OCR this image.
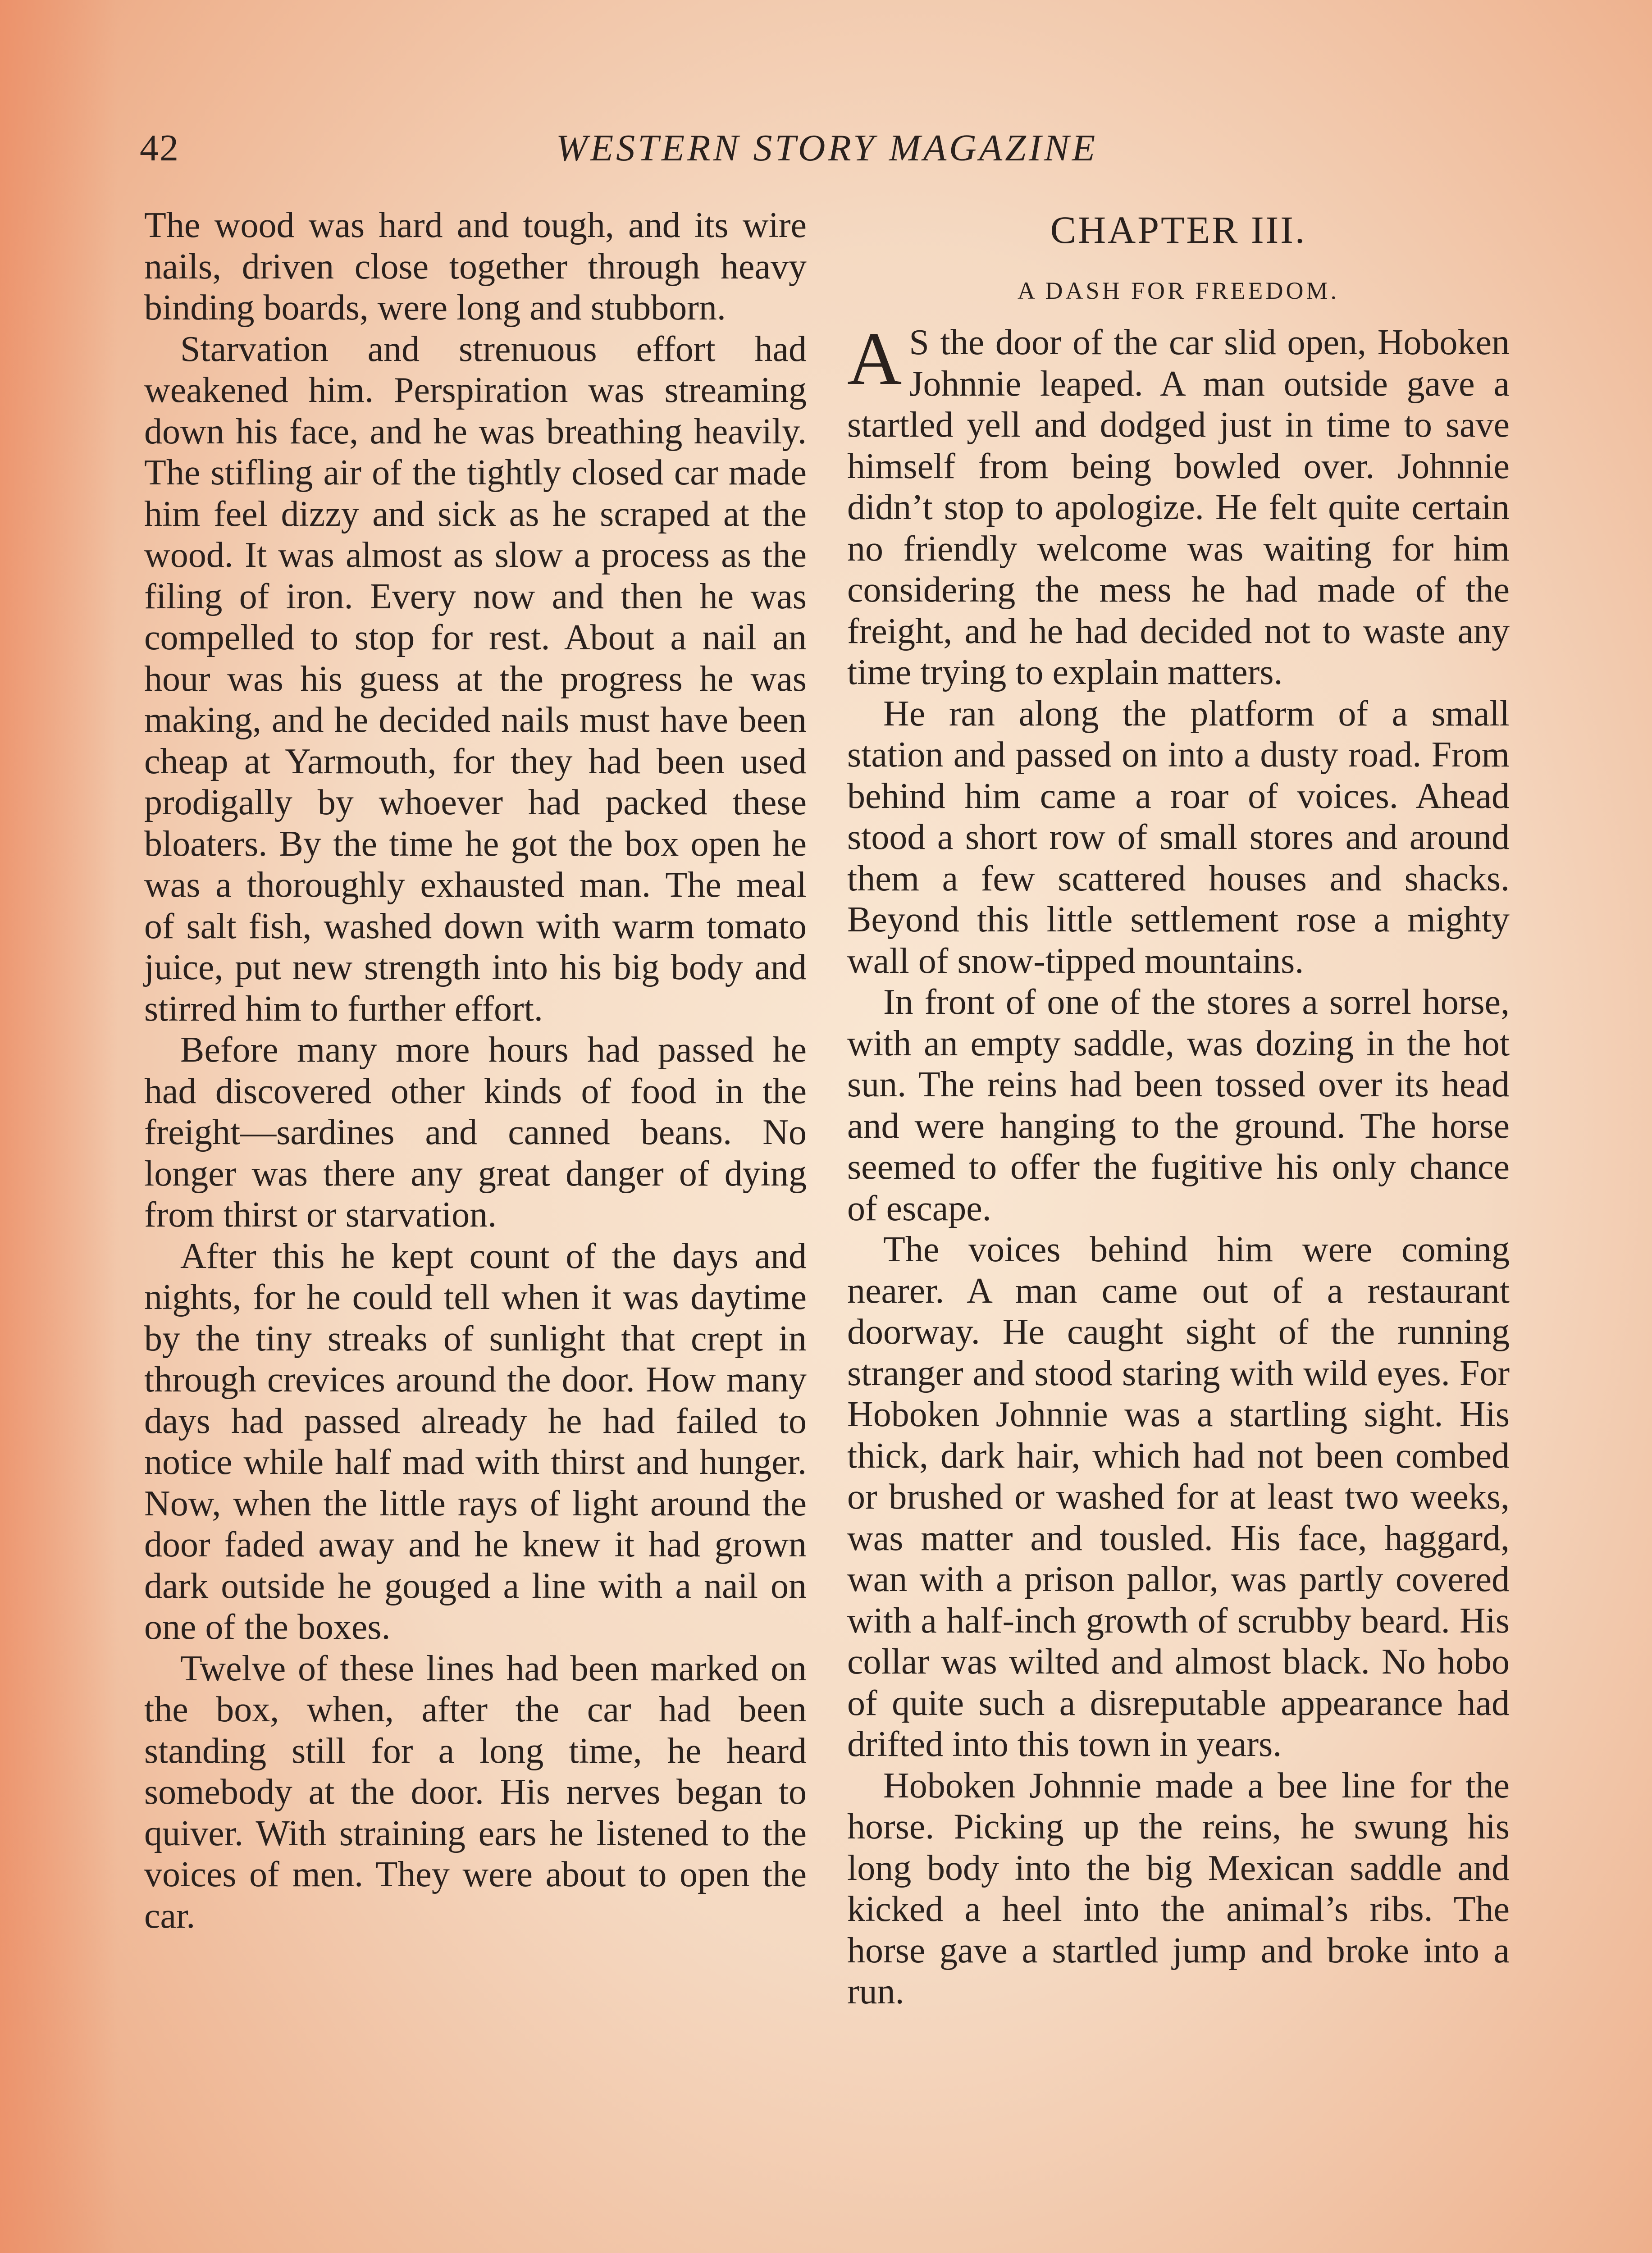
42	WESTERN STORY MAGAZINE

The wood was hard and tough, and its wire nails, driven close together through heavy binding boards, were long and stubborn.

Starvation and strenuous effort had weakened him. Perspiration was streaming down his face, and he was breathing heavily. The stifling air of the tightly closed car made him feel dizzy and sick as he scraped at the wood. It was almost as slow a process as the filing of iron. Every now and then he was compelled to stop for rest. About a nail an hour was his guess at the progress he was making, and he decided nails must have been cheap at Yarmouth, for they had been used prodigally by whoever had packed these bloaters. By the time he got the box open he was a thoroughly exhausted man. The meal of salt fish, washed down with warm tomato juice, put new strength into his big body and stirred him to further effort.

Before many more hours had passed he had discovered other kinds of food in the freight—sardines and canned beans. No longer was there any great danger of dying from thirst or starvation.

After this he kept count of the days and nights, for he could tell when it was daytime by the tiny streaks of sunlight that crept in through crevices around the door. How many days had passed already he had failed to notice while half mad with thirst and hunger. Now, when the little rays of light around the door faded away and he knew it had grown dark outside he gouged a line with a nail on one of the boxes.

Twelve of these lines had been marked on the box, when, after the car had been standing still for a long time, he heard somebody at the door. His nerves began to quiver. With straining ears he listened to the voices of men. They were about to open the car.

CHAPTER III.
A DASH FOR FREEDOM.

A S the door of the car slid open, Hoboken Johnnie leaped. A man outside gave a startled yell and dodged just in time to save himself from being bowled over. Johnnie didn’t stop to apologize. He felt quite certain no friendly welcome was waiting for him considering the mess he had made of the freight, and he had decided not to waste any time trying to explain matters.

He ran along the platform of a small station and passed on into a dusty road. From behind him came a roar of voices. Ahead stood a short row of small stores and around them a few scattered houses and shacks. Beyond this little settlement rose a mighty wall of snow-tipped mountains.

In front of one of the stores a sorrel horse, with an empty saddle, was dozing in the hot sun. The reins had been tossed over its head and were hanging to the ground. The horse seemed to offer the fugitive his only chance of escape.

The voices behind him were coming nearer. A man came out of a restaurant doorway. He caught sight of the running stranger and stood staring with wild eyes. For Hoboken Johnnie was a startling sight. His thick, dark hair, which had not been combed or brushed or washed for at least two weeks, was matter and tousled. His face, haggard, wan with a prison pallor, was partly covered with a half-inch growth of scrubby beard. His collar was wilted and almost black. No hobo of quite such a disreputable appearance had drifted into this town in years.

Hoboken Johnnie made a bee line for the horse. Picking up the reins, he swung his long body into the big Mexican saddle and kicked a heel into the animal’s ribs. The horse gave a startled jump and broke into a run.
